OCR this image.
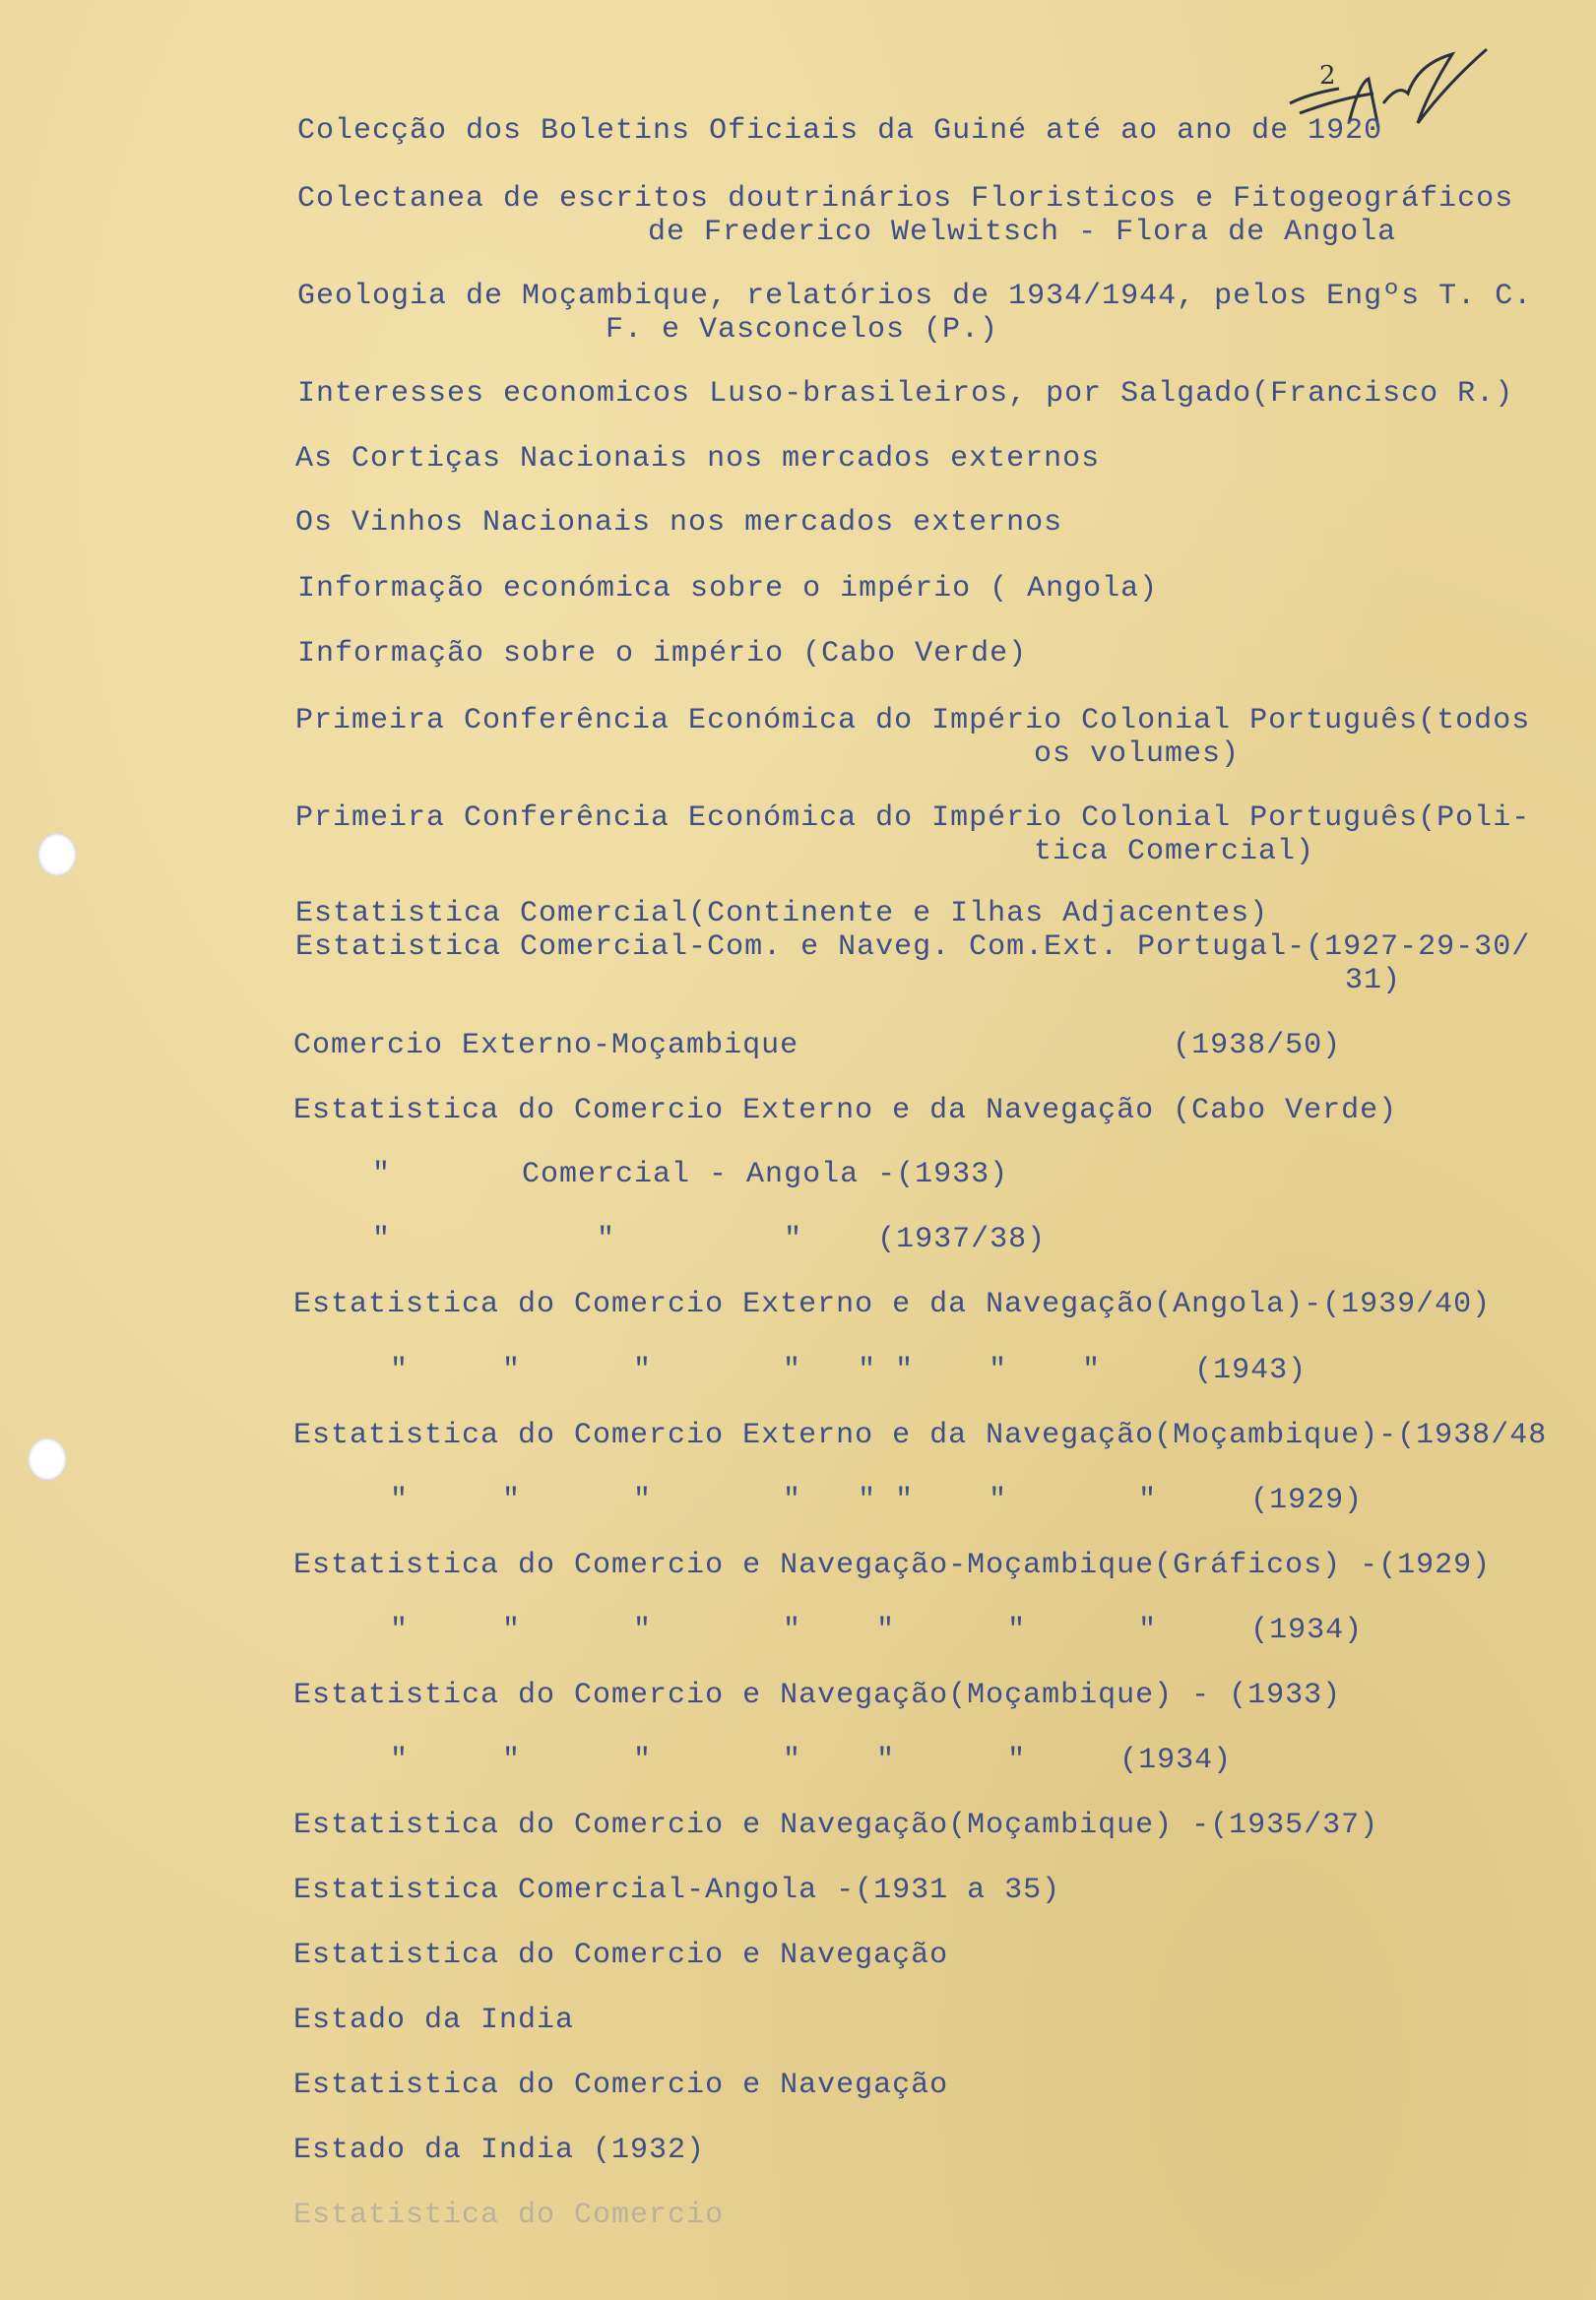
2
Colecção dos Boletins Oficiais da Guiné até ao ano de 1920
Colectanea de escritos doutrinários Floristicos e Fitogeográficos
de Frederico Welwitsch - Flora de Angola
Geologia de Moçambique, relatórios de 1934/1944, pelos Engºs T. C.
F. e Vasconcelos (P.)
Interesses economicos Luso-brasileiros, por Salgado(Francisco R.)
As Cortiças Nacionais nos mercados externos
Os Vinhos Nacionais nos mercados externos
Informação económica sobre o império ( Angola)
Informação sobre o império (Cabo Verde)
Primeira Conferência Económica do Império Colonial Português(todos
os volumes)
Primeira Conferência Económica do Império Colonial Português(Poli-
tica Comercial)
Estatistica Comercial(Continente e Ilhas Adjacentes)
Estatistica Comercial-Com. e Naveg. Com.Ext. Portugal-(1927-29-30/
31)
Comercio Externo-Moçambique                    (1938/50)
Estatistica do Comercio Externo e da Navegação (Cabo Verde)
"       Comercial - Angola -(1933)
"           "         "    (1937/38)
Estatistica do Comercio Externo e da Navegação(Angola)-(1939/40)
"     "      "       "   " "    "    "     (1943)
Estatistica do Comercio Externo e da Navegação(Moçambique)-(1938/48
"     "      "       "   " "    "       "     (1929)
Estatistica do Comercio e Navegação-Moçambique(Gráficos) -(1929)
"     "      "       "    "      "      "     (1934)
Estatistica do Comercio e Navegação(Moçambique) - (1933)
"     "      "       "    "      "     (1934)
Estatistica do Comercio e Navegação(Moçambique) -(1935/37)
Estatistica Comercial-Angola -(1931 a 35)
Estatistica do Comercio e Navegação
Estado da India
Estatistica do Comercio e Navegação
Estado da India (1932)
Estatistica do Comercio
